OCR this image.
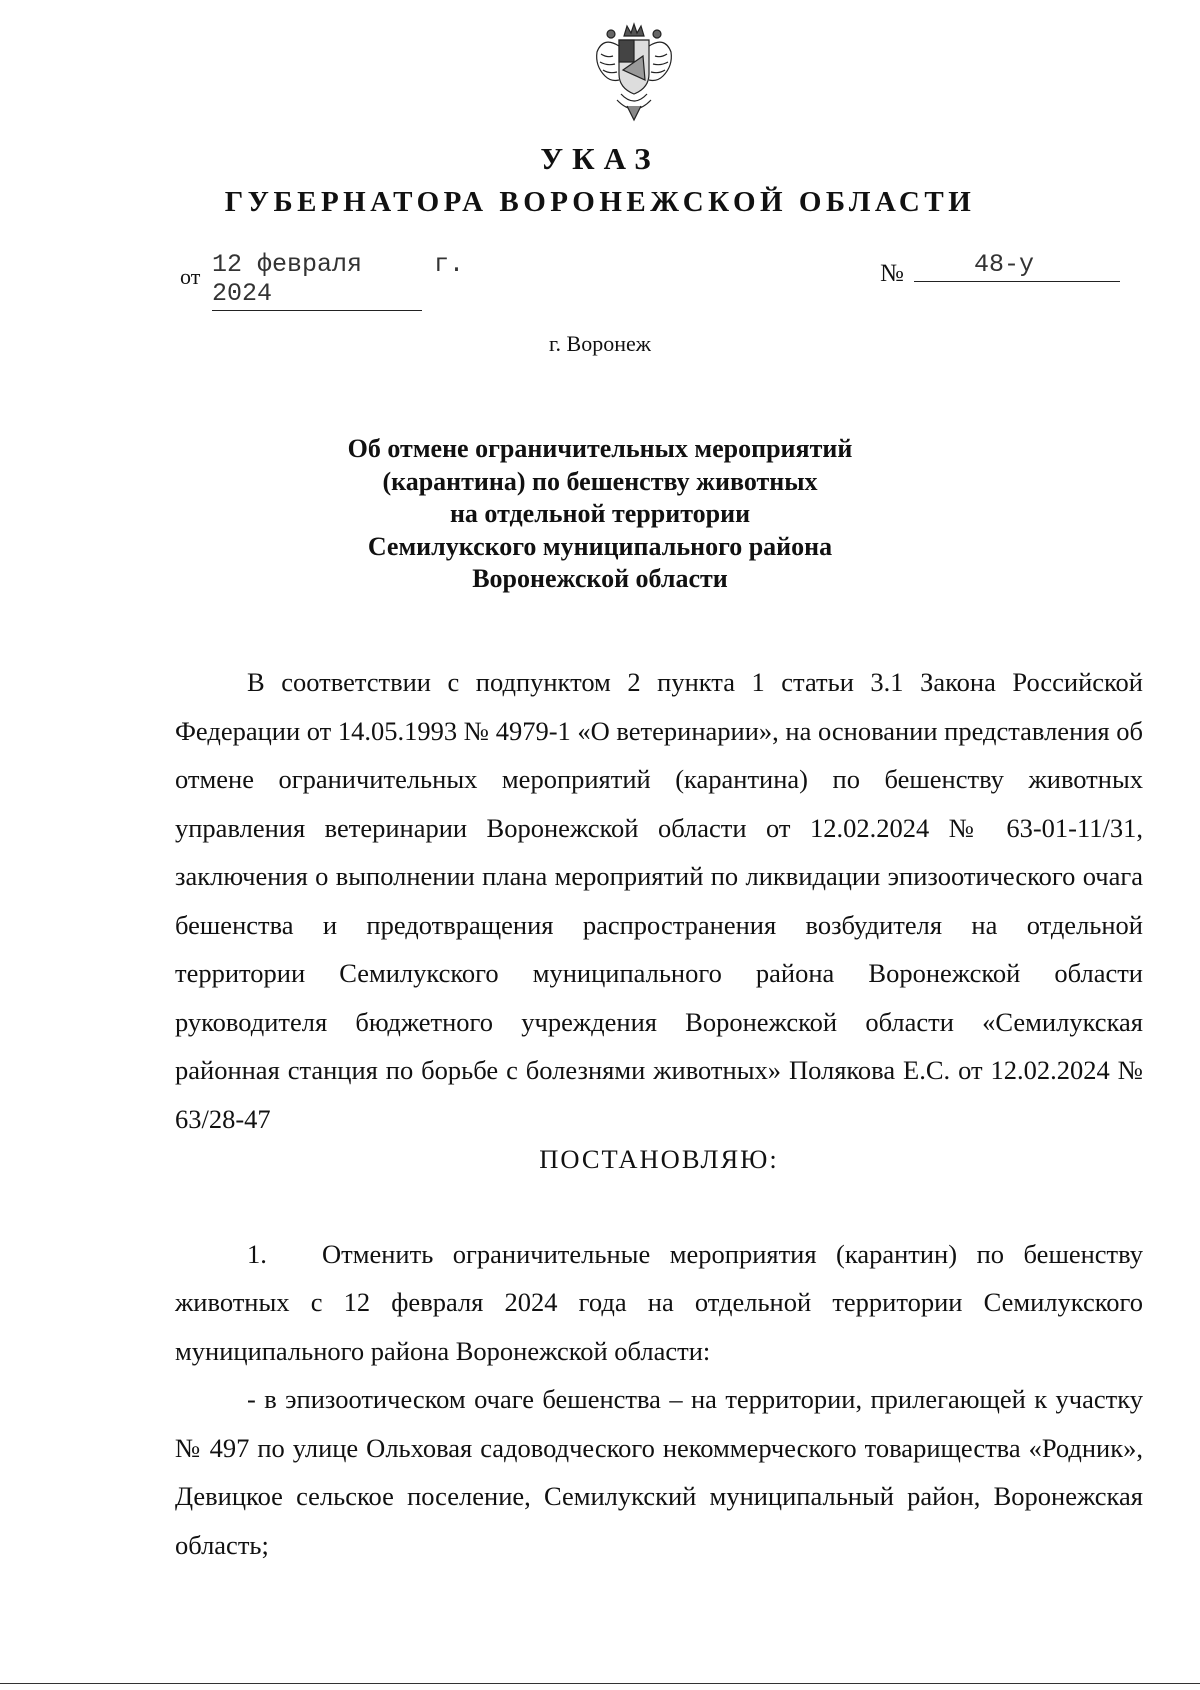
УКАЗ
ГУБЕРНАТОРА ВОРОНЕЖСКОЙ ОБЛАСТИ
от 12 февраля 2024
г.	№	48-у
г. Воронеж
Об отмене ограничительных мероприятий
(карантина) по бешенству животных
на отдельной территории
Семилукского муниципального района
Воронежской области

В соответствии с подпунктом 2 пункта 1 статьи 3.1 Закона Российской Федерации от 14.05.1993 № 4979-1 «О ветеринарии», на основании представления об отмене ограничительных мероприятий (карантина) по бешенству животных управления ветеринарии Воронежской области от 12.02.2024 № 63-01-11/31, заключения о выполнении плана мероприятий по ликвидации эпизоотического очага бешенства и предотвращения распространения возбудителя на отдельной территории Семилукского муниципального района Воронежской области руководителя бюджетного учреждения Воронежской области «Семилукская районная станция по борьбе с болезнями животных» Полякова Е.С. от 12.02.2024 № 63/28-47

ПОСТАНОВЛЯЮ:

1. Отменить ограничительные мероприятия (карантин) по бешенству животных с 12 февраля 2024 года на отдельной территории Семилукского муниципального района Воронежской области:

- в эпизоотическом очаге бешенства – на территории, прилегающей к участку № 497 по улице Ольховая садоводческого некоммерческого товарищества «Родник», Девицкое сельское поселение, Семилукский муниципальный район, Воронежская область;
